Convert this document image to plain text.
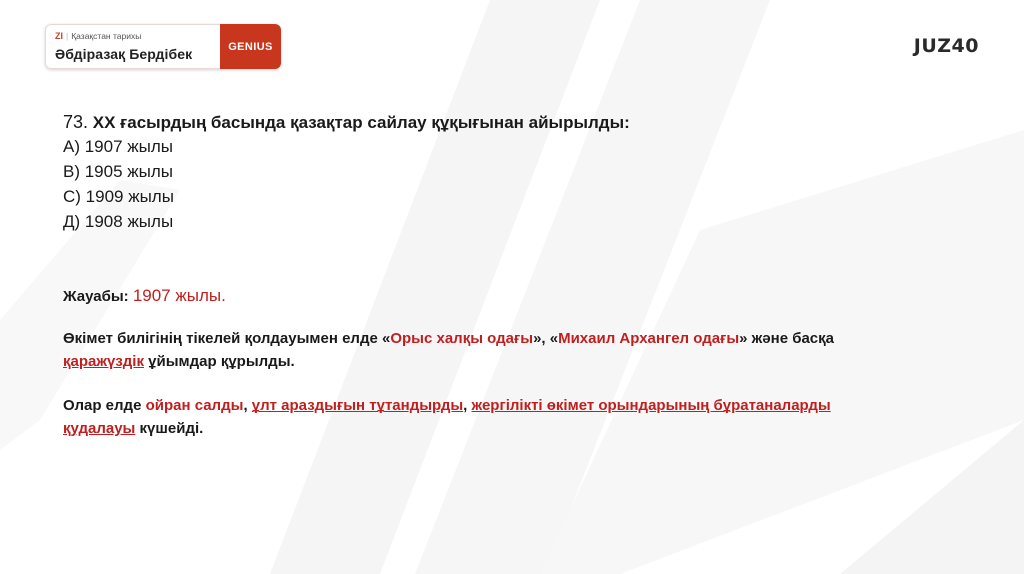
ZI | Қазақстан тарихы
Әбдіразақ Бердібек	GENIUS	JUZ40

73. XX ғасырдың басында қазақтар сайлау құқығынан айырылды:

А) 1907 жылы
В) 1905 жылы
С) 1909 жылы
Д) 1908 жылы
Жауабы: 1907 жылы.
Өкімет билігінің тікелей қолдауымен елде «Орыс халқы одағы», «Михаил Архангел одағы» және басқа қаражүздік ұйымдар құрылды.
Олар елде ойран салды, ұлт араздығын тұтандырды, жергілікті өкімет орындарының бұратаналарды қудалауы күшейді.
